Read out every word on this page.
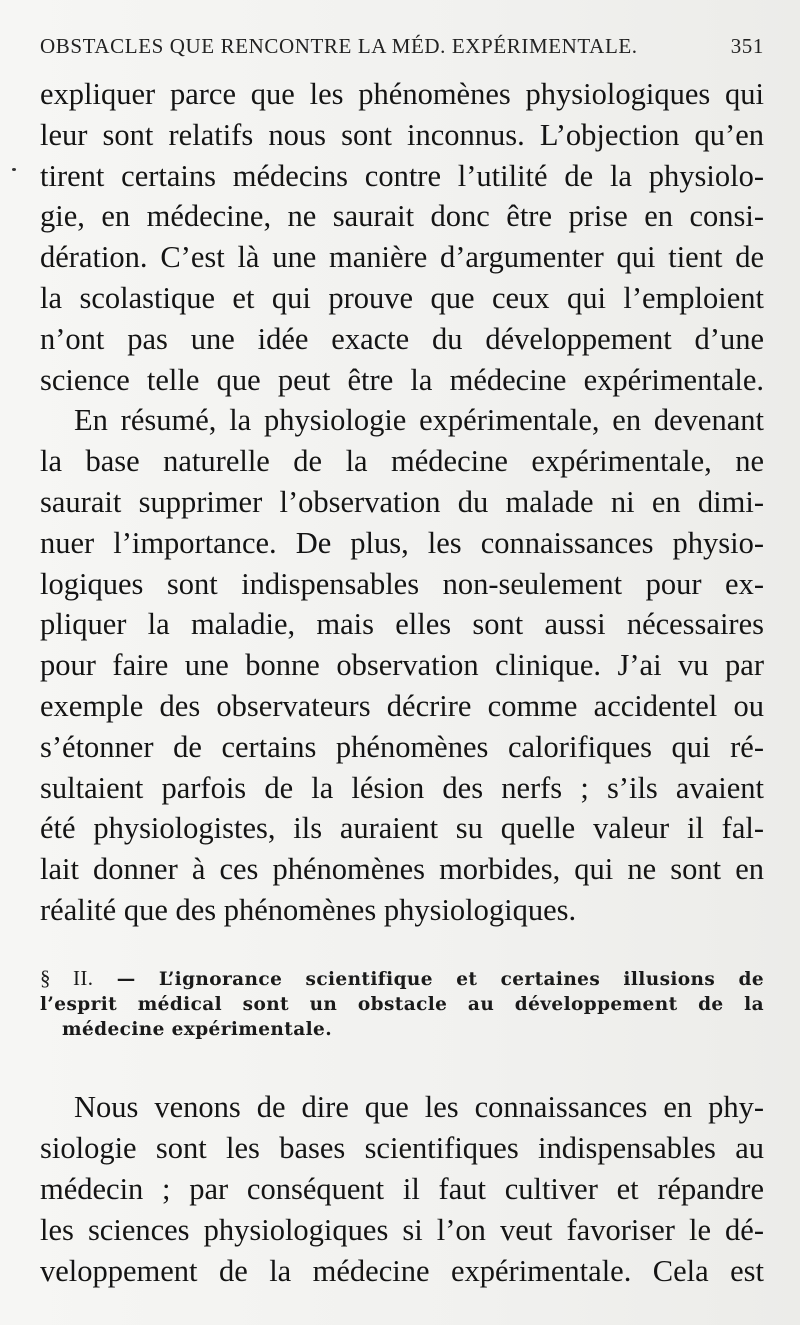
OBSTACLES QUE RENCONTRE LA MÉD. EXPÉRIMENTALE.	351
expliquer parce que les phénomènes physiologiques qui
leur sont relatifs nous sont inconnus. L’objection qu’en
tirent certains médecins contre l’utilité de la physiolo-
gie, en médecine, ne saurait donc être prise en consi-
dération. C’est là une manière d’argumenter qui tient de
la scolastique et qui prouve que ceux qui l’emploient
n’ont pas une idée exacte du développement d’une
science telle que peut être la médecine expérimentale.
En résumé, la physiologie expérimentale, en devenant
la base naturelle de la médecine expérimentale, ne
saurait supprimer l’observation du malade ni en dimi-
nuer l’importance. De plus, les connaissances physio-
logiques sont indispensables non-seulement pour ex-
pliquer la maladie, mais elles sont aussi nécessaires
pour faire une bonne observation clinique. J’ai vu par
exemple des observateurs décrire comme accidentel ou
s’étonner de certains phénomènes calorifiques qui ré-
sultaient parfois de la lésion des nerfs ; s’ils avaient
été physiologistes, ils auraient su quelle valeur il fal-
lait donner à ces phénomènes morbides, qui ne sont en
réalité que des phénomènes physiologiques.
§ II. — L’ignorance scientifique et certaines illusions de
l’esprit médical sont un obstacle au développement de la
médecine expérimentale.
Nous venons de dire que les connaissances en phy-
siologie sont les bases scientifiques indispensables au
médecin ; par conséquent il faut cultiver et répandre
les sciences physiologiques si l’on veut favoriser le dé-
veloppement de la médecine expérimentale. Cela est
